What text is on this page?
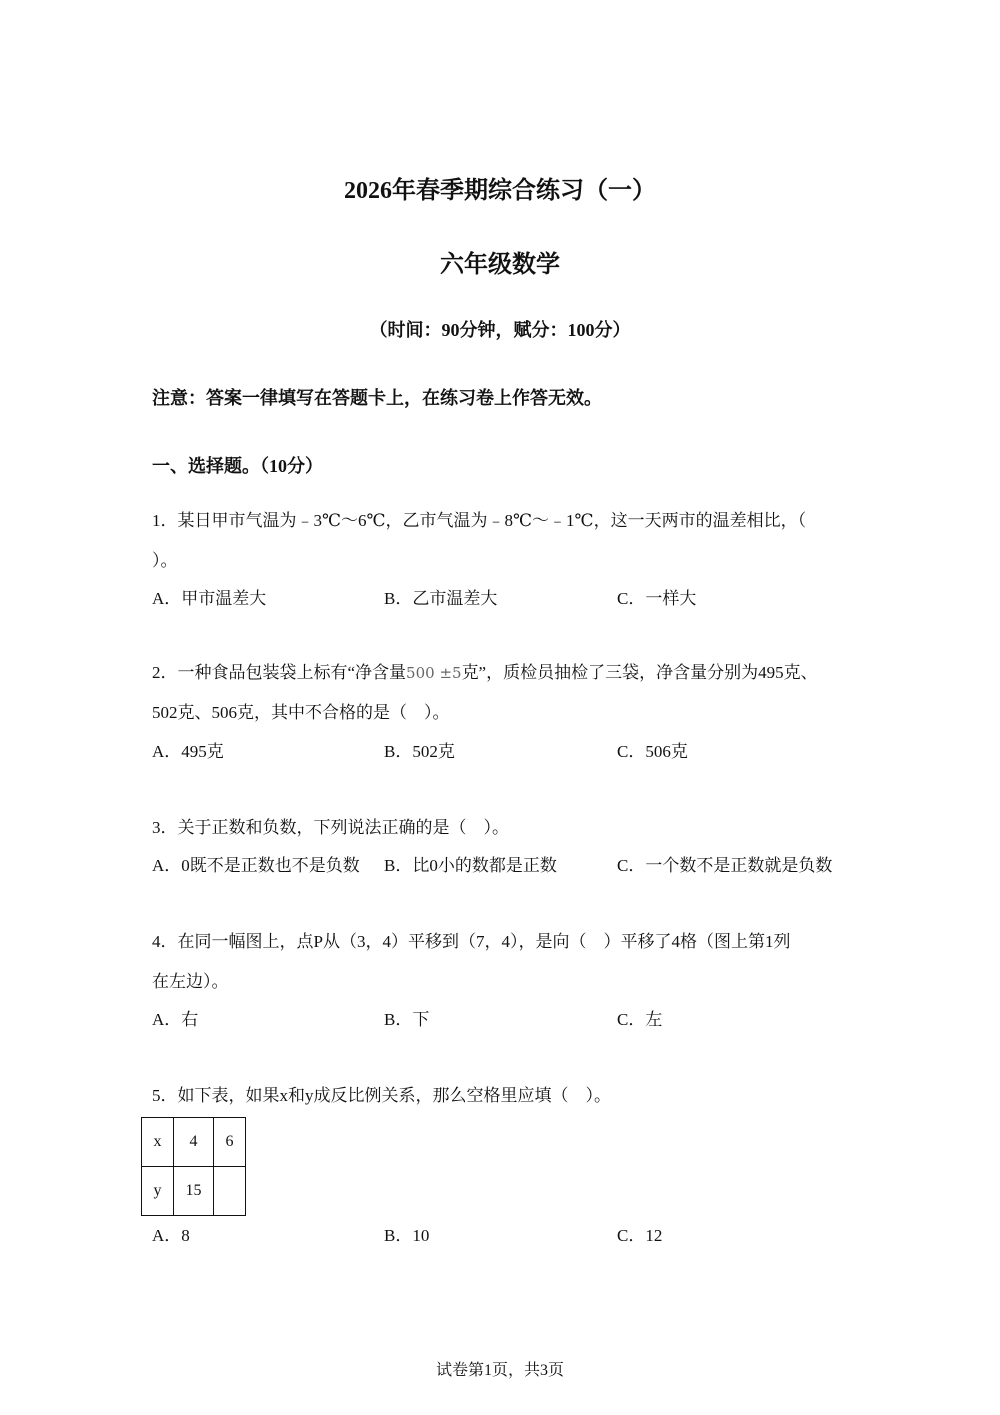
2026年春季期综合练习（一）
六年级数学
（时间：90分钟，赋分：100分）
注意：答案一律填写在答题卡上，在练习卷上作答无效。
一、选择题。（10分）
1．某日甲市气温为﹣3℃～6℃，乙市气温为﹣8℃～﹣1℃，这一天两市的温差相比，（
）。
A．甲市温差大	B．乙市温差大	C．一样大
2．一种食品包装袋上标有“净含量500 ±5克”，质检员抽检了三袋，净含量分别为495克、
502克、506克，其中不合格的是（　）。
A．495克	B．502克	C．506克
3．关于正数和负数，下列说法正确的是（　）。
A．0既不是正数也不是负数 B．比0小的数都是正数	C．一个数不是正数就是负数
4．在同一幅图上，点P从（3，4）平移到（7，4），是向（　）平移了4格（图上第1列
在左边）。
A．右	B．下	C．左
5．如下表，如果x和y成反比例关系，那么空格里应填（　）。
x	4	6
y	15	
A．8	B．10	C．12
试卷第1页，共3页
